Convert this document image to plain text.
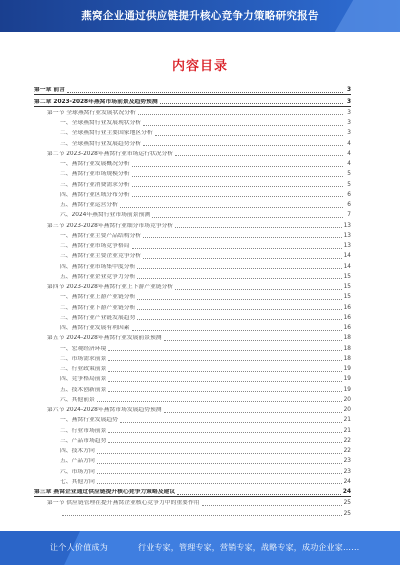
燕窝企业通过供应链提升核心竞争力策略研究报告
内容目录
第一章 前言	3
第二章 2023-2028年燕窝市场前景及趋势预测	3
第一节 全球燕窝行业发展状况分析	3
一、全球燕窝行业发展现状分析	3
二、全球燕窝行业主要国家地区分析	3
三、全球燕窝行业发展趋势分析	4
第二节 2023-2028年燕窝行业市场运行状况分析	4
一、燕窝行业发展概况分析	4
二、燕窝行业市场规模分析	5
三、燕窝行业消费需求分析	5
四、燕窝行业区域分布分析	6
五、燕窝行业运营分析	6
六、2024年燕窝行业市场前景预测	7
第三节 2023-2028年燕窝行业细分市场竞争分析	13
一、燕窝行业主要产品结构分析	13
二、燕窝行业市场竞争格局	13
三、燕窝行业主要企业竞争分析	14
四、燕窝行业市场集中度分析	14
五、燕窝行业企业竞争力分析	15
第四节 2023-2028年燕窝行业上下游产业链分析	15
一、燕窝行业上游产业链分析	15
二、燕窝行业下游产业链分析	16
三、燕窝行业产业链发展趋势	16
四、燕窝行业发展有利因素	16
第五节 2024-2028年燕窝行业发展前景预测	18
一、宏观经济环境	18
二、市场需求前景	18
三、行业政策前景	19
四、竞争格局前景	19
五、技术创新前景	19
六、其他前景	20
第六节 2024-2028年燕窝市场发展趋势预测	20
一、燕窝行业发展趋势	21
二、行业市场前景	21
三、产品市场趋势	22
四、技术方向	22
五、产品方向	23
六、市场方向	23
七、其他方向	24
第三章 燕窝企业通过供应链提升核心竞争力策略及建议	24
第一节 供应链管理在提升燕窝企业核心竞争力中的重要作用	25
25
让个人价值成为	行业专家，管理专家，营销专家，战略专家，成功企业家……
